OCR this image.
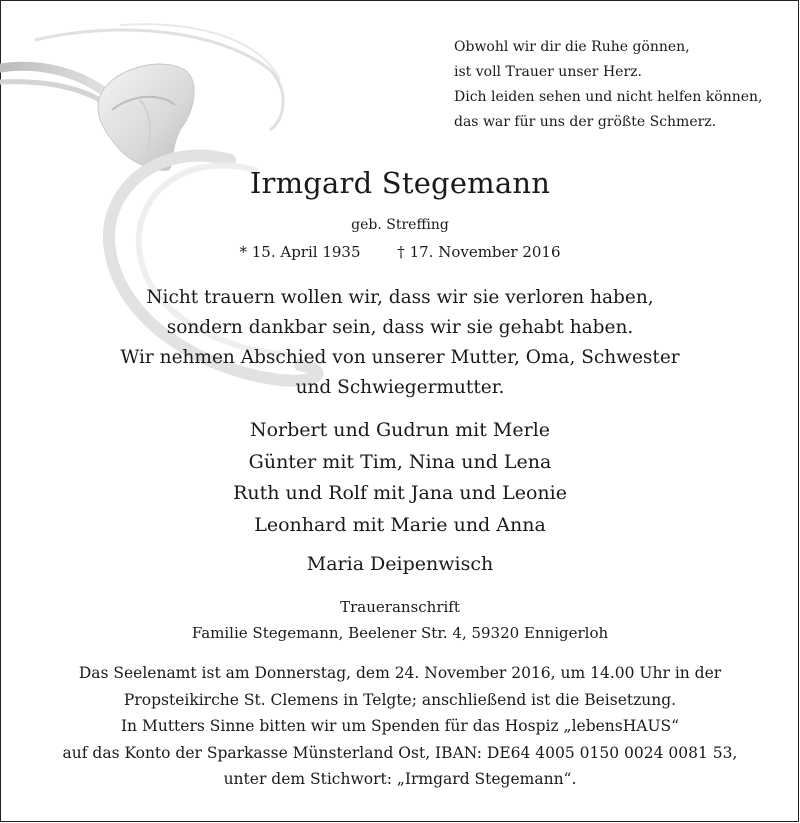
Obwohl wir dir die Ruhe gönnen,
ist voll Trauer unser Herz.
Dich leiden sehen und nicht helfen können,
das war für uns der größte Schmerz.
Irmgard Stegemann
geb. Streffing
* 15. April 1935 † 17. November 2016
Nicht trauern wollen wir, dass wir sie verloren haben,
sondern dankbar sein, dass wir sie gehabt haben.
Wir nehmen Abschied von unserer Mutter, Oma, Schwester
und Schwiegermutter.
Norbert und Gudrun mit Merle
Günter mit Tim, Nina und Lena
Ruth und Rolf mit Jana und Leonie
Leonhard mit Marie und Anna
Maria Deipenwisch
Traueranschrift
Familie Stegemann, Beelener Str. 4, 59320 Ennigerloh
Das Seelenamt ist am Donnerstag, dem 24. November 2016, um 14.00 Uhr in der
Propsteikirche St. Clemens in Telgte; anschließend ist die Beisetzung.
In Mutters Sinne bitten wir um Spenden für das Hospiz „lebensHAUS“
auf das Konto der Sparkasse Münsterland Ost, IBAN: DE64 4005 0150 0024 0081 53,
unter dem Stichwort: „Irmgard Stegemann“.
